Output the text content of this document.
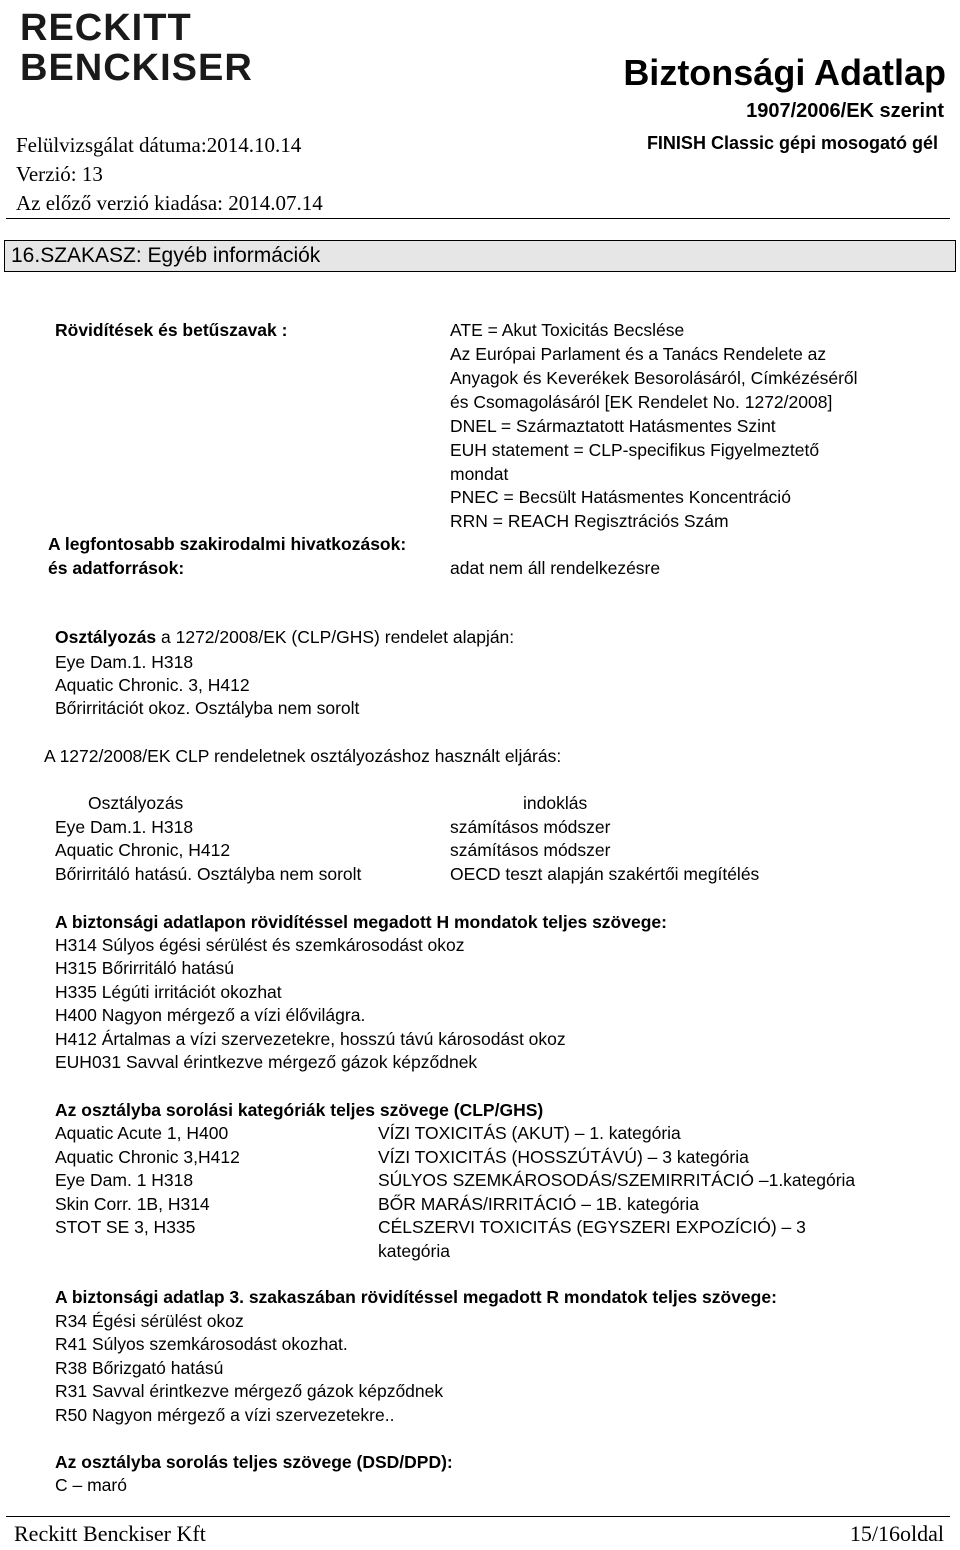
RECKITT
BENCKISER	Biztonsági Adatlap
1907/2006/EK szerint
FINISH Classic gépi mosogató gél
Felülvizsgálat dátuma:2014.10.14
Verzió: 13
Az előző verzió kiadása: 2014.07.14
16.SZAKASZ: Egyéb információk
Rövidítések és betűszavak :	ATE = Akut Toxicitás Becslése
Az Európai Parlament és a Tanács Rendelete az
Anyagok és Keverékek Besorolásáról, Címkézéséről
és Csomagolásáról [EK Rendelet No. 1272/2008]
DNEL = Származtatott Hatásmentes Szint
EUH statement = CLP-specifikus Figyelmeztető
mondat
PNEC = Becsült Hatásmentes Koncentráció
RRN = REACH Regisztrációs Szám
A legfontosabb szakirodalmi hivatkozások:
és adatforrások:	adat nem áll rendelkezésre
Osztályozás a 1272/2008/EK (CLP/GHS) rendelet alapján:
Eye Dam.1. H318
Aquatic Chronic. 3, H412
Bőrirritációt okoz. Osztályba nem sorolt
A 1272/2008/EK CLP rendeletnek osztályozáshoz használt eljárás:
Osztályozás	indoklás
Eye Dam.1. H318	számításos módszer
Aquatic Chronic, H412	számításos módszer
Bőrirritáló hatású. Osztályba nem sorolt	OECD teszt alapján szakértői megítélés
A biztonsági adatlapon rövidítéssel megadott H mondatok teljes szövege:
H314 Súlyos égési sérülést és szemkárosodást okoz
H315 Bőrirritáló hatású
H335 Légúti irritációt okozhat
H400 Nagyon mérgező a vízi élővilágra.
H412 Ártalmas a vízi szervezetekre, hosszú távú károsodást okoz
EUH031 Savval érintkezve mérgező gázok képződnek
Az osztályba sorolási kategóriák teljes szövege (CLP/GHS)
Aquatic Acute 1, H400	VÍZI TOXICITÁS (AKUT) – 1. kategória
Aquatic Chronic 3,H412	VÍZI TOXICITÁS (HOSSZÚTÁVÚ) – 3 kategória
Eye Dam. 1 H318	SÚLYOS SZEMKÁROSODÁS/SZEMIRRITÁCIÓ –1.kategória
Skin Corr. 1B, H314	BŐR MARÁS/IRRITÁCIÓ – 1B. kategória
STOT SE 3, H335	CÉLSZERVI TOXICITÁS (EGYSZERI EXPOZÍCIÓ) – 3
kategória
A biztonsági adatlap 3. szakaszában rövidítéssel megadott R mondatok teljes szövege:
R34 Égési sérülést okoz
R41 Súlyos szemkárosodást okozhat.
R38 Bőrizgató hatású
R31 Savval érintkezve mérgező gázok képződnek
R50 Nagyon mérgező a vízi szervezetekre..
Az osztályba sorolás teljes szövege (DSD/DPD):
C – maró
Reckitt Benckiser Kft	15/16oldal
